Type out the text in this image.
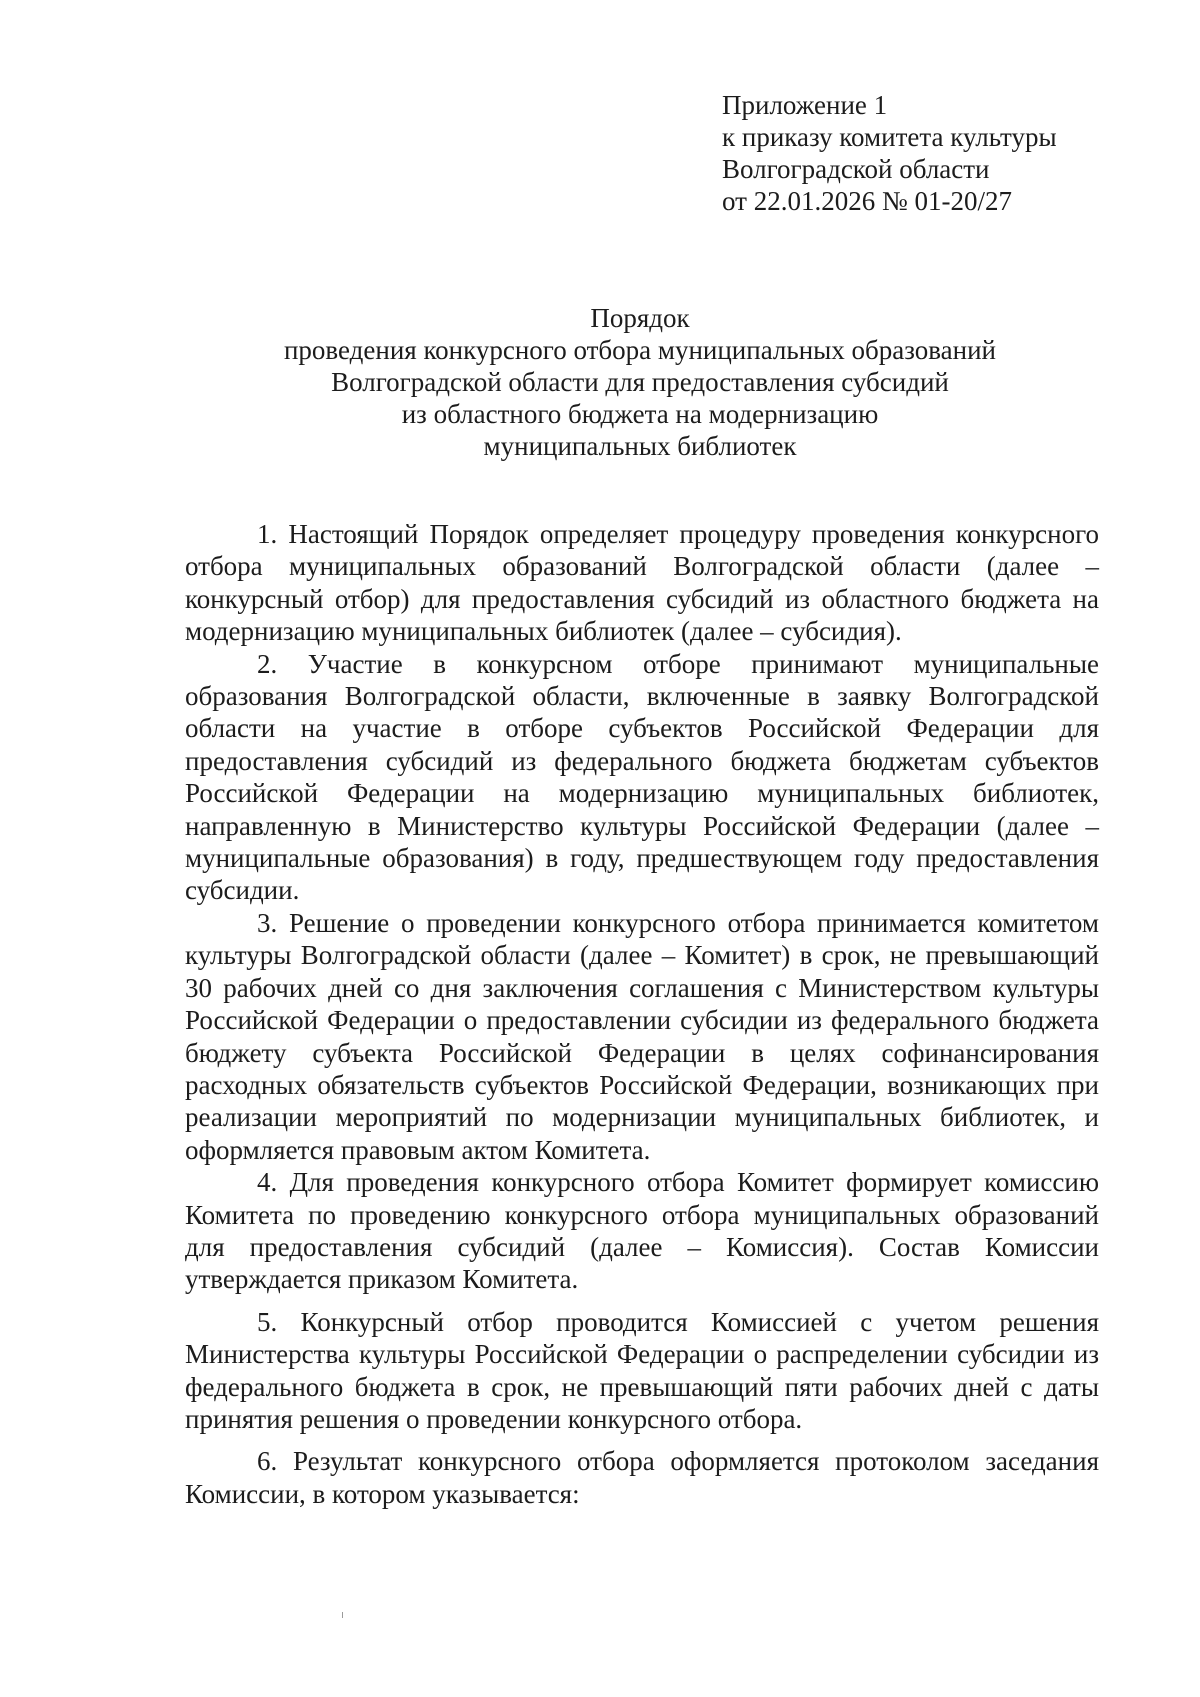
Приложение 1
к приказу комитета культуры
Волгоградской области
от 22.01.2026 № 01-20/27
Порядок
проведения конкурсного отбора муниципальных образований
Волгоградской области для предоставления субсидий
из областного бюджета на модернизацию
муниципальных библиотек

1. Настоящий Порядок определяет процедуру проведения конкурсного отбора муниципальных образований Волгоградской области (далее – конкурсный отбор) для предоставления субсидий из областного бюджета на модернизацию муниципальных библиотек (далее – субсидия).

2. Участие в конкурсном отборе принимают муниципальные образования Волгоградской области, включенные в заявку Волгоградской области на участие в отборе субъектов Российской Федерации для предоставления субсидий из федерального бюджета бюджетам субъектов Российской Федерации на модернизацию муниципальных библиотек, направленную в Министерство культуры Российской Федерации (далее – муниципальные образования) в году, предшествующем году предоставления субсидии.

3. Решение о проведении конкурсного отбора принимается комитетом культуры Волгоградской области (далее – Комитет) в срок, не превышающий 30 рабочих дней со дня заключения соглашения с Министерством культуры Российской Федерации о предоставлении субсидии из федерального бюджета бюджету субъекта Российской Федерации в целях софинансирования расходных обязательств субъектов Российской Федерации, возникающих при реализации мероприятий по модернизации муниципальных библиотек, и оформляется правовым актом Комитета.

4. Для проведения конкурсного отбора Комитет формирует комиссию Комитета по проведению конкурсного отбора муниципальных образований для предоставления субсидий (далее – Комиссия). Состав Комиссии утверждается приказом Комитета.

5. Конкурсный отбор проводится Комиссией с учетом решения Министерства культуры Российской Федерации о распределении субсидии из федерального бюджета в срок, не превышающий пяти рабочих дней с даты принятия решения о проведении конкурсного отбора.

6. Результат конкурсного отбора оформляется протоколом заседания Комиссии, в котором указывается:
